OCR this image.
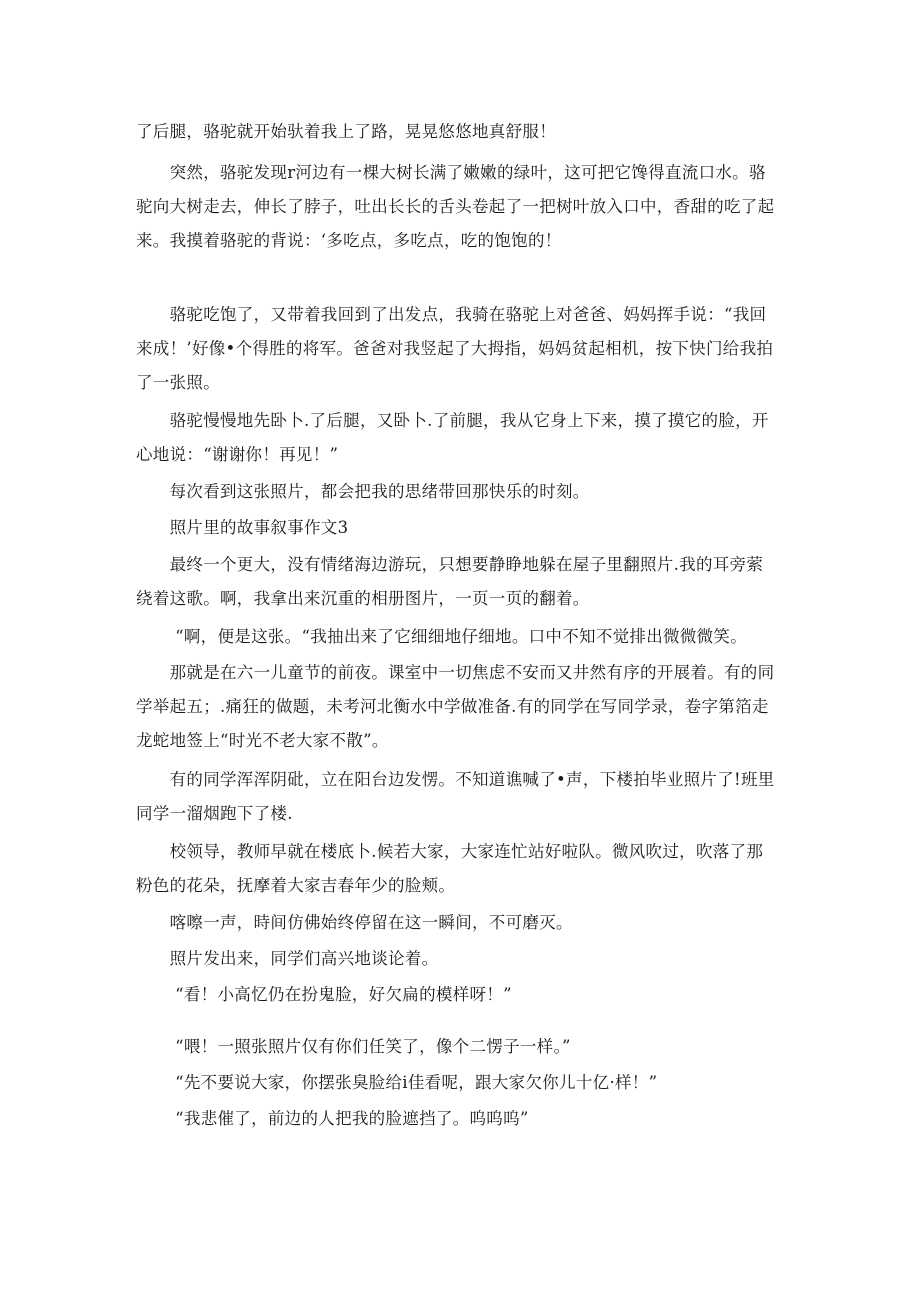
了后腿，骆驼就开始驮着我上了路，晃晃悠悠地真舒服！

　　突然，骆驼发现r河边有一棵大树长满了嫩嫩的绿叶，这可把它馋得直流口水。骆
驼向大树走去，伸长了脖子，吐出长长的舌头卷起了一把树叶放入口中，香甜的吃了起
来。我摸着骆驼的背说：‘多吃点，多吃点，吃的饱饱的！

　　骆驼吃饱了，又带着我回到了出发点，我骑在骆驼上对爸爸、妈妈挥手说：“我回
来成！’好像•个得胜的将军。爸爸对我竖起了大拇指，妈妈贫起相机，按下快门给我拍
了一张照。

　　骆驼慢慢地先卧卜.了后腿，又卧卜.了前腿，我从它身上下来，摸了摸它的脸，开
心地说：“谢谢你！再见！”

　　每次看到这张照片，都会把我的思绪带回那快乐的时刻。

　　照片里的故事叙事作文3

　　最终一个更大，没有情绪海边游玩，只想要静睁地躲在屋子里翻照片.我的耳旁萦
绕着这歌。啊，我拿出来沉重的相册图片，一页一页的翻着。

　　 “啊，便是这张。“我抽出来了它细细地仔细地。口中不知不觉排出微微微笑。

　　那就是在六一儿童节的前夜。课室中一切焦虑不安而又井然有序的开展着。有的同
学举起五；.痛狂的做题，未考河北衡水中学做准备.有的同学在写同学录，卷字第箔走
龙蛇地签上“时光不老大家不散”。

　　有的同学浑浑阴砒，立在阳台边发愣。不知道谯喊了•声，下楼拍毕业照片了!班里
同学一溜烟跑下了楼.

　　校领导，教师早就在楼底卜.候若大家，大家连忙站好啦队。微风吹过，吹落了那
粉色的花朵，抚摩着大家吉春年少的脸颊。

　　喀嚓一声，時间仿佛始终停留在这一瞬间，不可磨灭。

　　照片发出来，同学们高兴地谈论着。

　　 “看！小高忆仍在扮鬼脸，好欠扁的模样呀！”

　　 “喂！一照张照片仅有你们任笑了，像个二愣子一样。”

　　 “先不要说大家，你摆张臭脸给i佳看呢，跟大家欠你儿十亿·样！”

　　 “我悲催了，前边的人把我的脸遮挡了。呜呜呜”
